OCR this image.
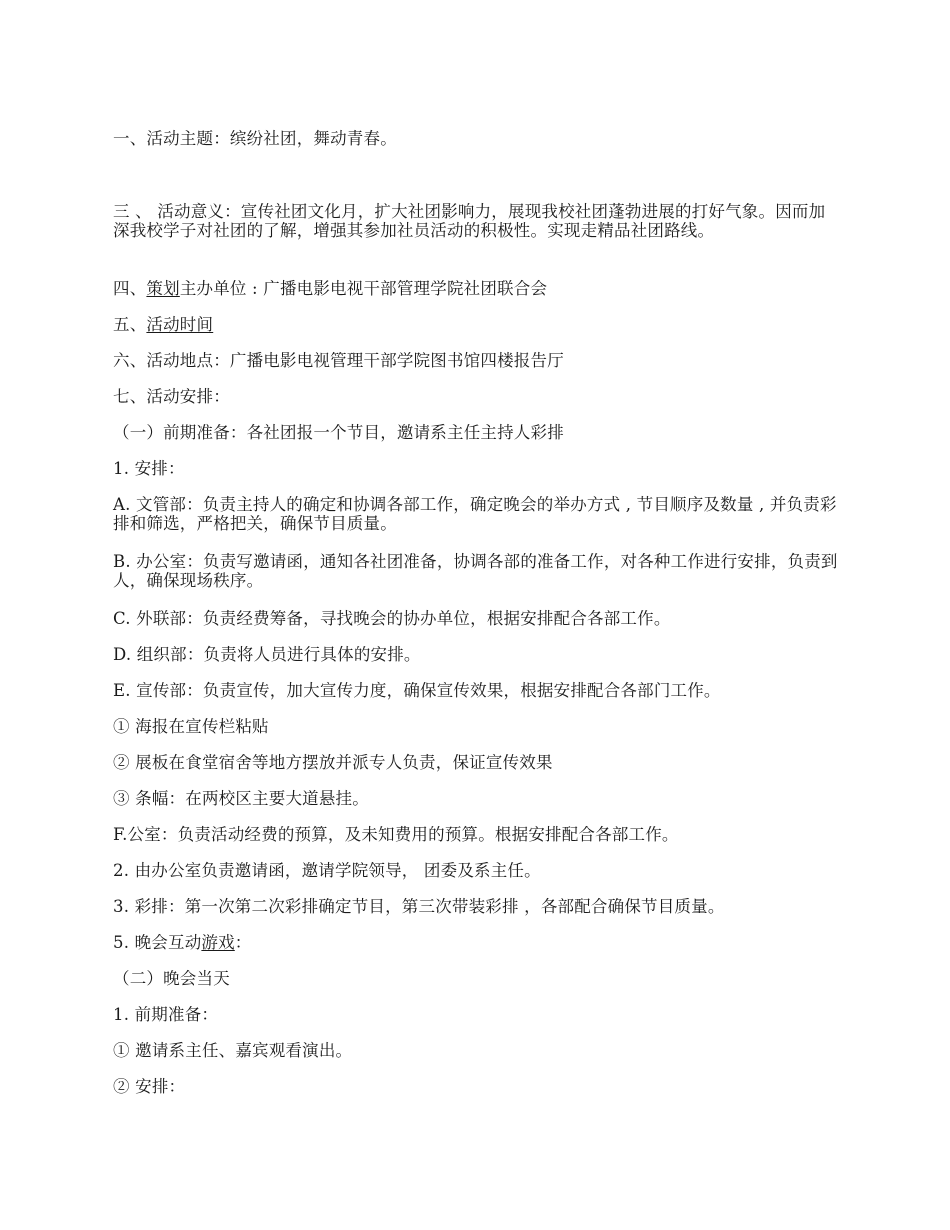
一、活动主题：缤纷社团，舞动青春。
三 、 活动意义：宣传社团文化月，扩大社团影响力，展现我校社团蓬勃进展的打好气象。因而加深我校学子对社团的了解，增强其参加社员活动的积极性。实现走精品社团路线。
四、策划主办单位 : 广播电影电视干部管理学院社团联合会
五、活动时间
六、活动地点：广播电影电视管理干部学院图书馆四楼报告厅
七、活动安排：
（一）前期准备：各社团报一个节目，邀请系主任主持人彩排
1. 安排：
A. 文管部：负责主持人的确定和协调各部工作，确定晚会的举办方式 , 节目顺序及数量 , 并负责彩排和筛选，严格把关，确保节目质量。
B. 办公室：负责写邀请函，通知各社团准备，协调各部的准备工作，对各种工作进行安排，负责到人，确保现场秩序。
C. 外联部：负责经费筹备，寻找晚会的协办单位，根据安排配合各部工作。
D. 组织部：负责将人员进行具体的安排。
E. 宣传部：负责宣传，加大宣传力度，确保宣传效果，根据安排配合各部门工作。
① 海报在宣传栏粘贴
② 展板在食堂宿舍等地方摆放并派专人负责，保证宣传效果
③ 条幅：在两校区主要大道悬挂。
F.公室：负责活动经费的预算，及未知费用的预算。根据安排配合各部工作。
2. 由办公室负责邀请函，邀请学院领导， 团委及系主任。
3. 彩排：第一次第二次彩排确定节目，第三次带装彩排 ，各部配合确保节目质量。
5. 晚会互动游戏：
（二）晚会当天
1. 前期准备：
① 邀请系主任、嘉宾观看演出。
② 安排：
